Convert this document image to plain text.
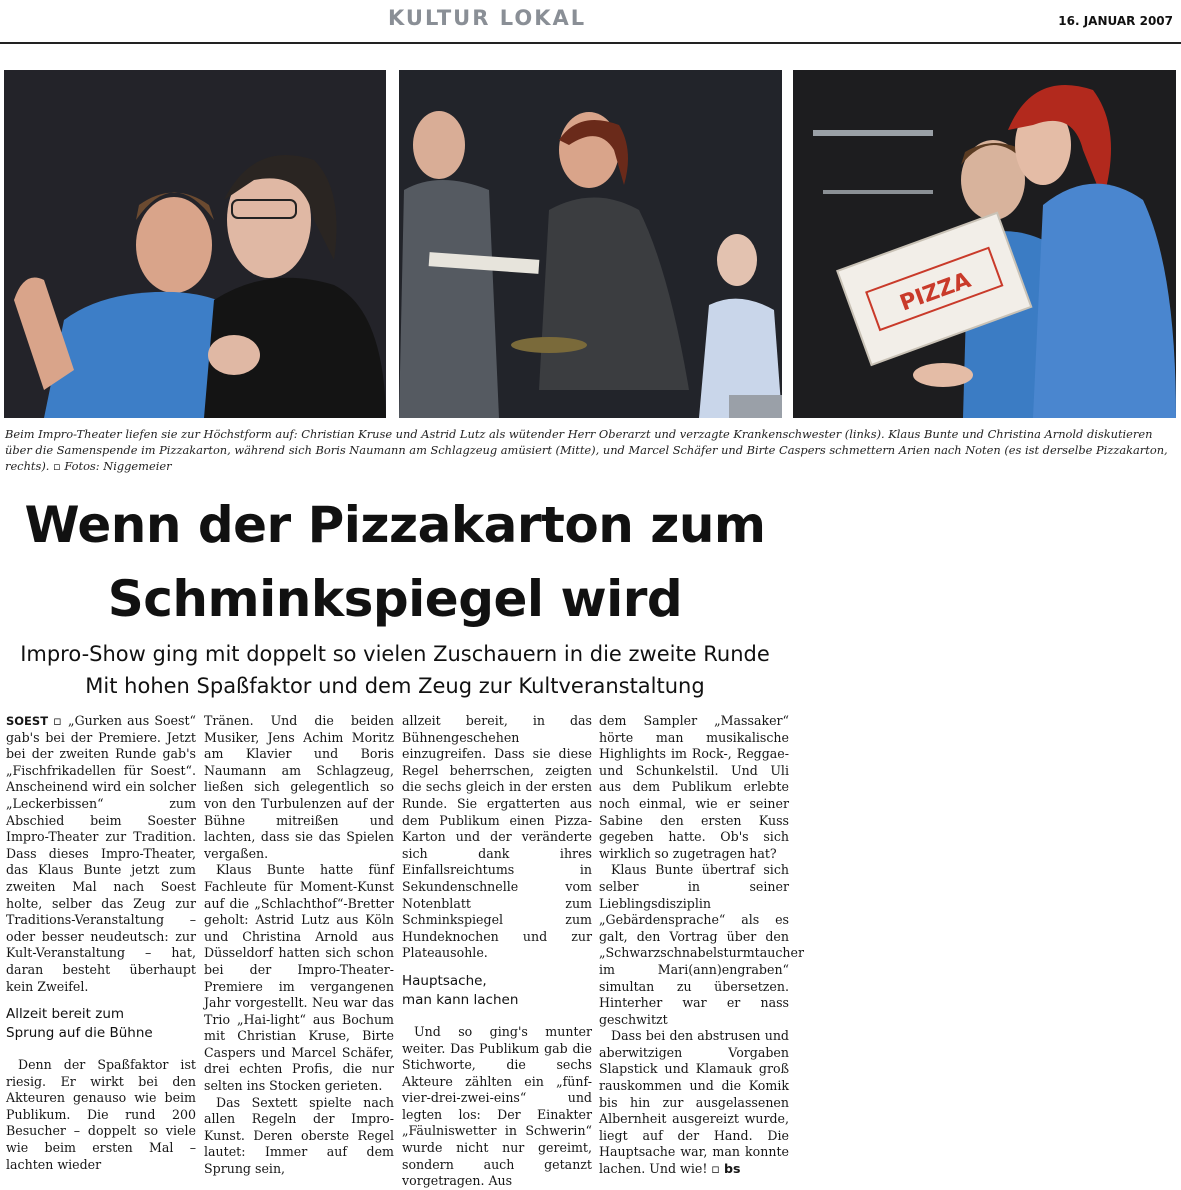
KULTUR LOKAL	16. JANUAR 2007
PIZZA
Beim Impro-Theater liefen sie zur Höchstform auf: Christian Kruse und Astrid Lutz als wütender Herr Oberarzt und verzagte Krankenschwester (links). Klaus Bunte und Christina Arnold diskutieren über die Samenspende im Pizzakarton, während sich Boris Naumann am Schlagzeug amüsiert (Mitte), und Marcel Schäfer und Birte Caspers schmettern Arien nach Noten (es ist derselbe Pizzakarton, rechts). ▫ Fotos: Niggemeier
Wenn der Pizzakarton zum
Schminkspiegel wird
Impro-Show ging mit doppelt so vielen Zuschauern in die zweite Runde
Mit hohen Spaßfaktor und dem Zeug zur Kultveranstaltung

SOEST ▫ „Gurken aus Soest“ gab's bei der Premiere. Jetzt bei der zweiten Runde gab's „Fischfrikadellen für Soest“. Anscheinend wird ein solcher „Leckerbissen“ zum Abschied beim Soester Impro-Theater zur Tradition. Dass dieses Impro-Theater, das Klaus Bunte jetzt zum zweiten Mal nach Soest holte, selber das Zeug zur Traditions-Veranstaltung – oder besser neudeutsch: zur Kult-Veranstaltung – hat, daran besteht überhaupt kein Zweifel.

Allzeit bereit zum
Sprung auf die Bühne

Denn der Spaßfaktor ist riesig. Er wirkt bei den Akteuren genauso wie beim Publikum. Die rund 200 Besucher – doppelt so viele wie beim ersten Mal – lachten wieder

Tränen. Und die beiden Musiker, Jens Achim Moritz am Klavier und Boris Naumann am Schlagzeug, ließen sich gelegentlich so von den Turbulenzen auf der Bühne mitreißen und lachten, dass sie das Spielen vergaßen.

Klaus Bunte hatte fünf Fachleute für Moment-Kunst auf die „Schlachthof“-Bretter geholt: Astrid Lutz aus Köln und Christina Arnold aus Düsseldorf hatten sich schon bei der Impro-Theater-Premiere im vergangenen Jahr vorgestellt. Neu war das Trio „Hai-light“ aus Bochum mit Christian Kruse, Birte Caspers und Marcel Schäfer, drei echten Profis, die nur selten ins Stocken gerieten.

Das Sextett spielte nach allen Regeln der Impro-Kunst. Deren oberste Regel lautet: Immer auf dem Sprung sein,

allzeit bereit, in das Bühnengeschehen einzugreifen. Dass sie diese Regel beherrschen, zeigten die sechs gleich in der ersten Runde. Sie ergatterten aus dem Publikum einen Pizza-Karton und der veränderte sich dank ihres Einfallsreichtums in Sekundenschnelle vom Notenblatt zum Schminkspiegel zum Hundeknochen und zur Plateausohle.

Hauptsache,
man kann lachen

Und so ging's munter weiter. Das Publikum gab die Stichworte, die sechs Akteure zählten ein „fünf-vier-drei-zwei-eins“ und legten los: Der Einakter „Fäulniswetter in Schwerin“ wurde nicht nur gereimt, sondern auch getanzt vorgetragen. Aus

dem Sampler „Massaker“ hörte man musikalische Highlights im Rock-, Reggae- und Schunkelstil. Und Uli aus dem Publikum erlebte noch einmal, wie er seiner Sabine den ersten Kuss gegeben hatte. Ob's sich wirklich so zugetragen hat?

Klaus Bunte übertraf sich selber in seiner Lieblingsdisziplin „Gebärdensprache“ als es galt, den Vortrag über den „Schwarzschnabelsturmtaucher im Mari(ann)engraben“ simultan zu übersetzen. Hinterher war er nass geschwitzt

Dass bei den abstrusen und aberwitzigen Vorgaben Slapstick und Klamauk groß rauskommen und die Komik bis hin zur ausgelassenen Albernheit ausgereizt wurde, liegt auf der Hand. Die Hauptsache war, man konnte lachen. Und wie! ▫ bs
